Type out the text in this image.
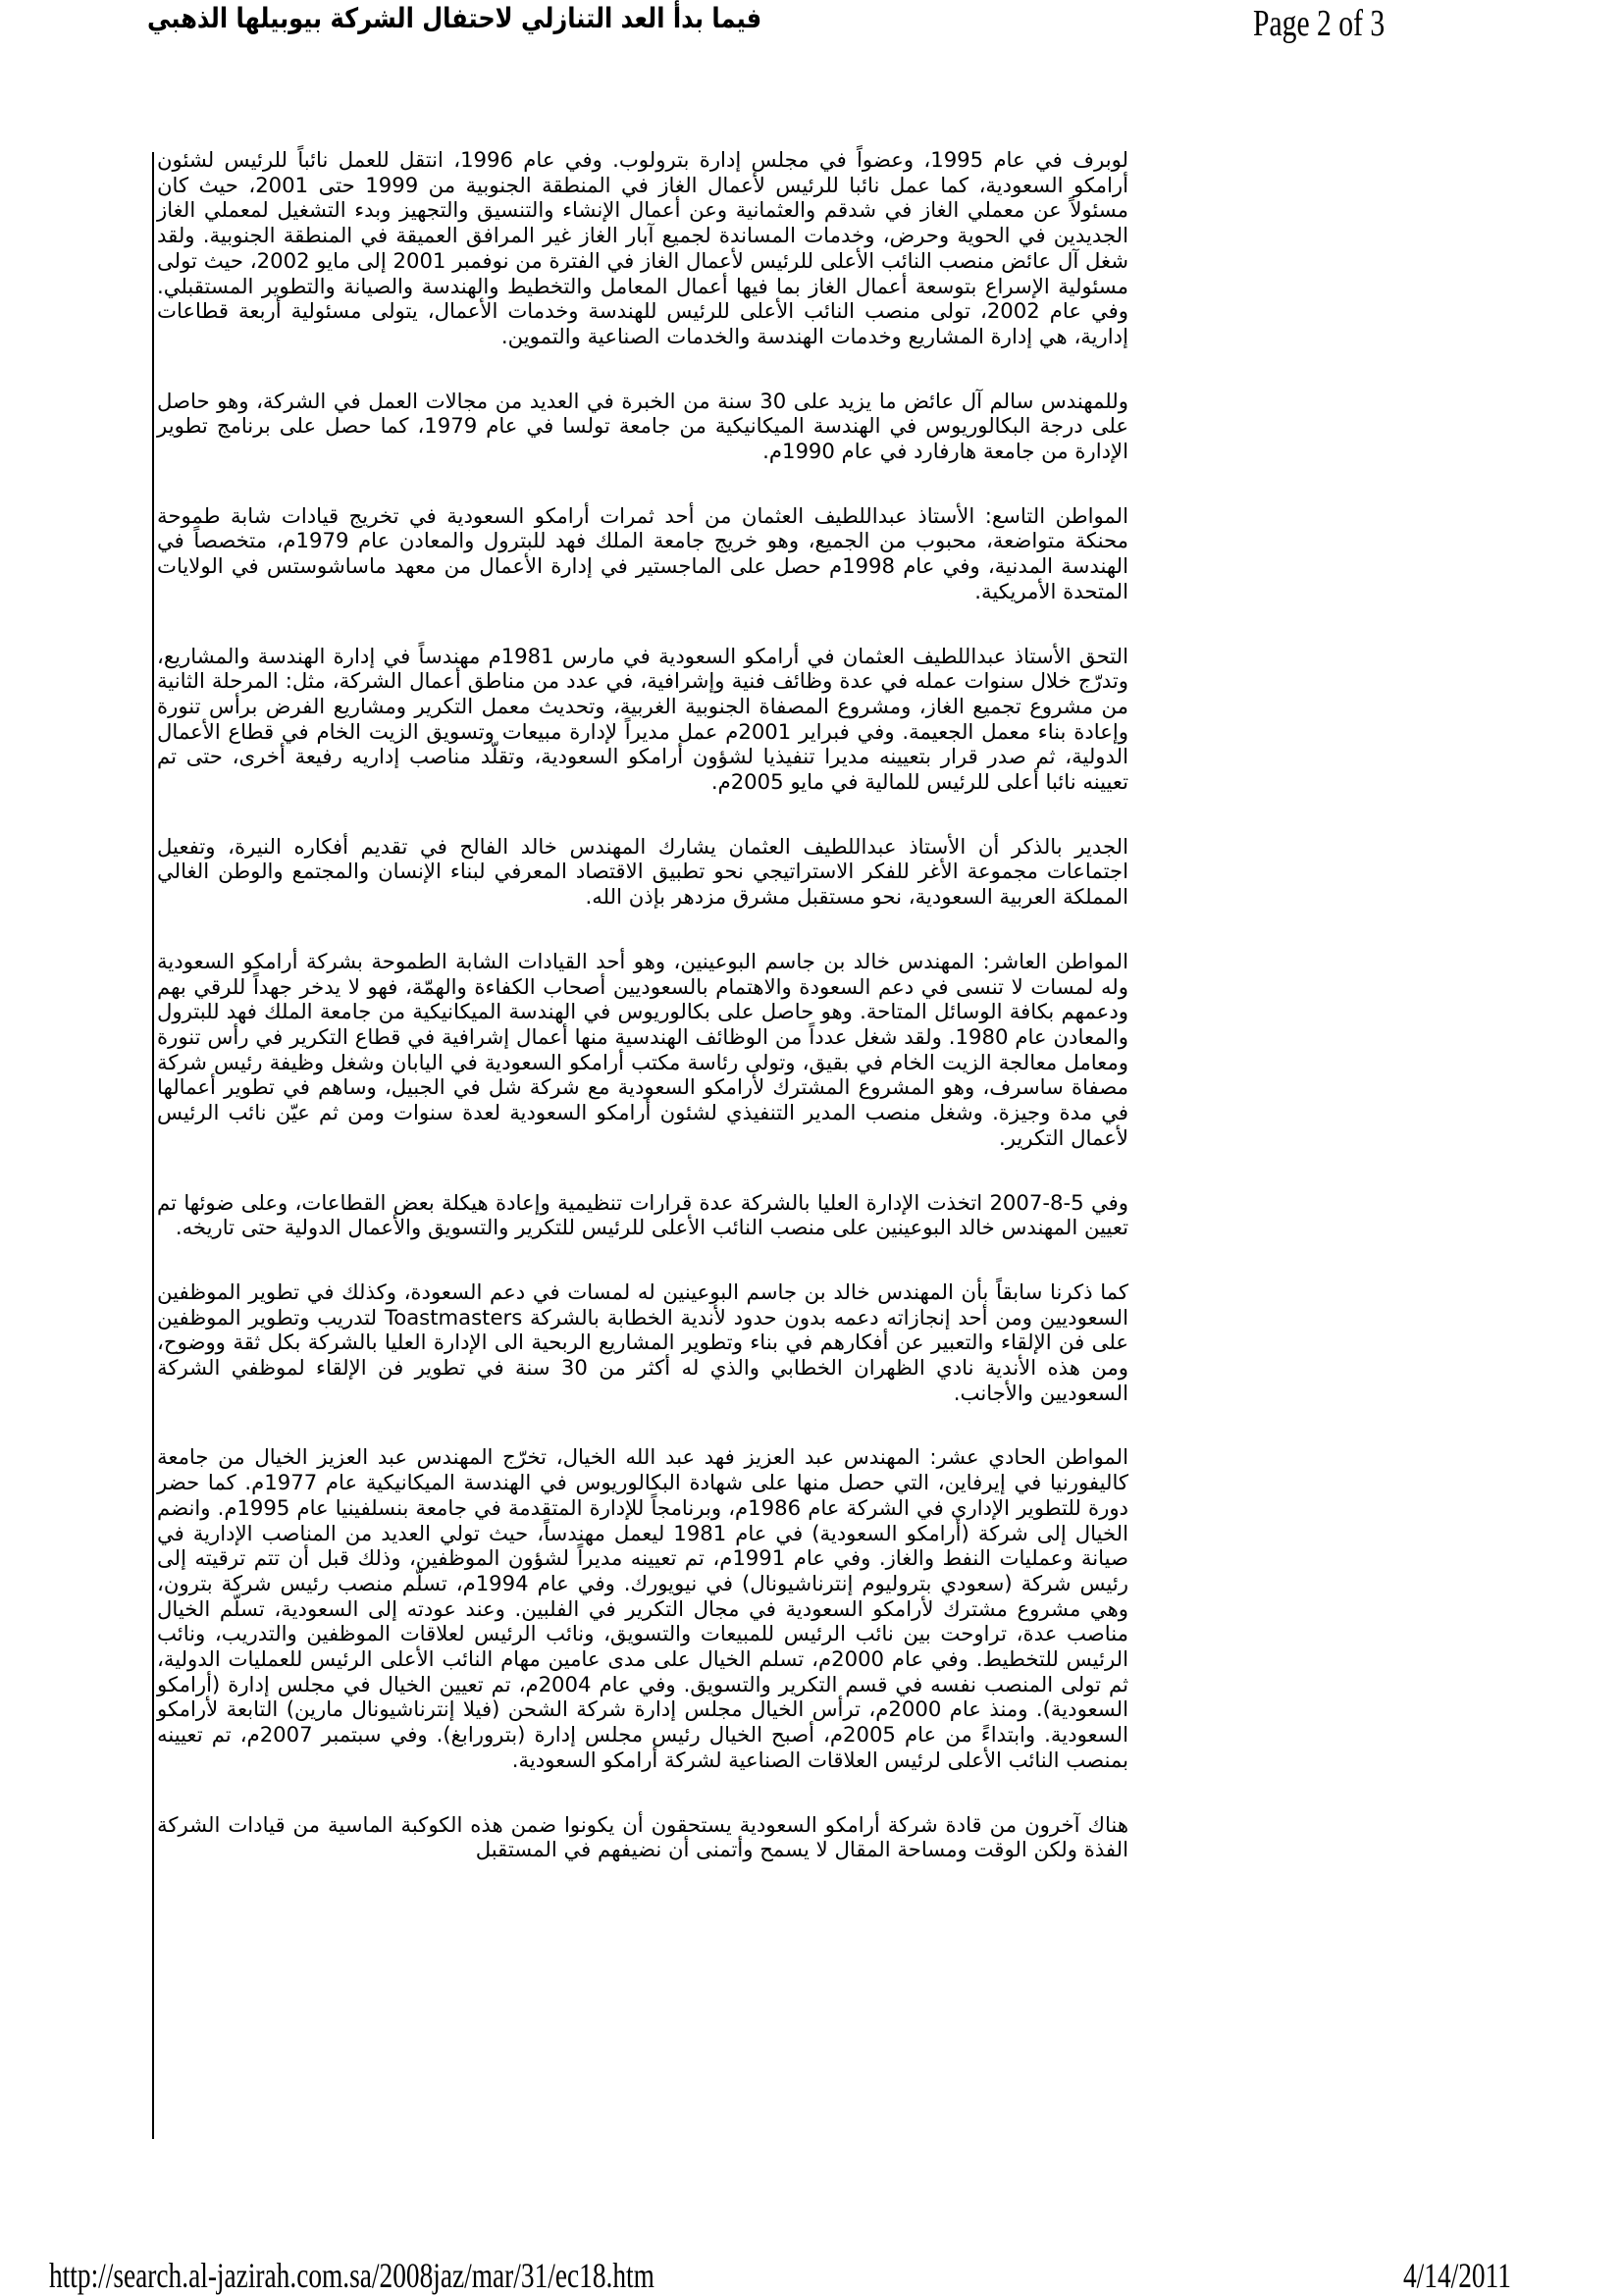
فيما بدأ العد التنازلي لاحتفال الشركة بيوبيلها الذهبي	Page 2 of 3

لوبرف في عام 1995، وعضواً في مجلس إدارة بترولوب. وفي عام 1996، انتقل للعمل نائباً للرئيس لشئون أرامكو السعودية، كما عمل نائبا للرئيس لأعمال الغاز في المنطقة الجنوبية من 1999 حتى 2001، حيث كان مسئولاً عن معملي الغاز في شدقم والعثمانية وعن أعمال الإنشاء والتنسيق والتجهيز وبدء التشغيل لمعملي الغاز الجديدين في الحوية وحرض، وخدمات المساندة لجميع آبار الغاز غير المرافق العميقة في المنطقة الجنوبية. ولقد شغل آل عائض منصب النائب الأعلى للرئيس لأعمال الغاز في الفترة من نوفمبر 2001 إلى مايو 2002، حيث تولى مسئولية الإسراع بتوسعة أعمال الغاز بما فيها أعمال المعامل والتخطيط والهندسة والصيانة والتطوير المستقبلي. وفي عام 2002، تولى منصب النائب الأعلى للرئيس للهندسة وخدمات الأعمال، يتولى مسئولية أربعة قطاعات إدارية، هي إدارة المشاريع وخدمات الهندسة والخدمات الصناعية والتموين.

وللمهندس سالم آل عائض ما يزيد على 30 سنة من الخبرة في العديد من مجالات العمل في الشركة، وهو حاصل على درجة البكالوريوس في الهندسة الميكانيكية من جامعة تولسا في عام 1979، كما حصل على برنامج تطوير الإدارة من جامعة هارفارد في عام 1990م.

المواطن التاسع: الأستاذ عبداللطيف العثمان من أحد ثمرات أرامكو السعودية في تخريج قيادات شابة طموحة محنكة متواضعة، محبوب من الجميع، وهو خريج جامعة الملك فهد للبترول والمعادن عام 1979م، متخصصاً في الهندسة المدنية، وفي عام 1998م حصل على الماجستير في إدارة الأعمال من معهد ماساشوستس في الولايات المتحدة الأمريكية.

التحق الأستاذ عبداللطيف العثمان في أرامكو السعودية في مارس 1981م مهندساً في إدارة الهندسة والمشاريع، وتدرّج خلال سنوات عمله في عدة وظائف فنية وإشرافية، في عدد من مناطق أعمال الشركة، مثل: المرحلة الثانية من مشروع تجميع الغاز، ومشروع المصفاة الجنوبية الغربية، وتحديث معمل التكرير ومشاريع الفرض برأس تنورة وإعادة بناء معمل الجعيمة. وفي فبراير 2001م عمل مديراً لإدارة مبيعات وتسويق الزيت الخام في قطاع الأعمال الدولية، ثم صدر قرار بتعيينه مديرا تنفيذيا لشؤون أرامكو السعودية، وتقلّد مناصب إداريه رفيعة أخرى، حتى تم تعيينه نائبا أعلى للرئيس للمالية في مايو 2005م.

الجدير بالذكر أن الأستاذ عبداللطيف العثمان يشارك المهندس خالد الفالح في تقديم أفكاره النيرة، وتفعيل اجتماعات مجموعة الأغر للفكر الاستراتيجي نحو تطبيق الاقتصاد المعرفي لبناء الإنسان والمجتمع والوطن الغالي المملكة العربية السعودية، نحو مستقبل مشرق مزدهر بإذن الله.

المواطن العاشر: المهندس خالد بن جاسم البوعينين، وهو أحد القيادات الشابة الطموحة بشركة أرامكو السعودية وله لمسات لا تنسى في دعم السعودة والاهتمام بالسعوديين أصحاب الكفاءة والهمّة، فهو لا يدخر جهداً للرقي بهم ودعمهم بكافة الوسائل المتاحة. وهو حاصل على بكالوريوس في الهندسة الميكانيكية من جامعة الملك فهد للبترول والمعادن عام 1980. ولقد شغل عدداً من الوظائف الهندسية منها أعمال إشرافية في قطاع التكرير في رأس تنورة ومعامل معالجة الزيت الخام في بقيق، وتولى رئاسة مكتب أرامكو السعودية في اليابان وشغل وظيفة رئيس شركة مصفاة ساسرف، وهو المشروع المشترك لأرامكو السعودية مع شركة شل في الجبيل، وساهم في تطوير أعمالها في مدة وجيزة. وشغل منصب المدير التنفيذي لشئون أرامكو السعودية لعدة سنوات ومن ثم عيّن نائب الرئيس لأعمال التكرير.

وفي 5-8-2007 اتخذت الإدارة العليا بالشركة عدة قرارات تنظيمية وإعادة هيكلة بعض القطاعات، وعلى ضوئها تم تعيين المهندس خالد البوعينين على منصب النائب الأعلى للرئيس للتكرير والتسويق والأعمال الدولية حتى تاريخه.

كما ذكرنا سابقاً بأن المهندس خالد بن جاسم البوعينين له لمسات في دعم السعودة، وكذلك في تطوير الموظفين السعوديين ومن أحد إنجازاته دعمه بدون حدود لأندية الخطابة بالشركة Toastmasters لتدريب وتطوير الموظفين على فن الإلقاء والتعبير عن أفكارهم في بناء وتطوير المشاريع الربحية الى الإدارة العليا بالشركة بكل ثقة ووضوح، ومن هذه الأندية نادي الظهران الخطابي والذي له أكثر من 30 سنة في تطوير فن الإلقاء لموظفي الشركة السعوديين والأجانب.

المواطن الحادي عشر: المهندس عبد العزيز فهد عبد الله الخيال، تخرّج المهندس عبد العزيز الخيال من جامعة كاليفورنيا في إيرفاين، التي حصل منها على شهادة البكالوريوس في الهندسة الميكانيكية عام 1977م. كما حضر دورة للتطوير الإداري في الشركة عام 1986م، وبرنامجاً للإدارة المتقدمة في جامعة بنسلفينيا عام 1995م. وانضم الخيال إلى شركة (أرامكو السعودية) في عام 1981 ليعمل مهندساً، حيث تولي العديد من المناصب الإدارية في صيانة وعمليات النفط والغاز. وفي عام 1991م، تم تعيينه مديراً لشؤون الموظفين، وذلك قبل أن تتم ترقيته إلى رئيس شركة (سعودي بتروليوم إنترناشيونال) في نيويورك. وفي عام 1994م، تسلّم منصب رئيس شركة بترون، وهي مشروع مشترك لأرامكو السعودية في مجال التكرير في الفلبين. وعند عودته إلى السعودية، تسلّم الخيال مناصب عدة، تراوحت بين نائب الرئيس للمبيعات والتسويق، ونائب الرئيس لعلاقات الموظفين والتدريب، ونائب الرئيس للتخطيط. وفي عام 2000م، تسلم الخيال على مدى عامين مهام النائب الأعلى الرئيس للعمليات الدولية، ثم تولى المنصب نفسه في قسم التكرير والتسويق. وفي عام 2004م، تم تعيين الخيال في مجلس إدارة (أرامكو السعودية). ومنذ عام 2000م، ترأس الخيال مجلس إدارة شركة الشحن (فيلا إنترناشيونال مارين) التابعة لأرامكو السعودية. وابتداءً من عام 2005م، أصبح الخيال رئيس مجلس إدارة (بترورابغ). وفي سبتمبر 2007م، تم تعيينه بمنصب النائب الأعلى لرئيس العلاقات الصناعية لشركة أرامكو السعودية.

هناك آخرون من قادة شركة أرامكو السعودية يستحقون أن يكونوا ضمن هذه الكوكبة الماسية من قيادات الشركة الفذة ولكن الوقت ومساحة المقال لا يسمح وأتمنى أن نضيفهم في المستقبل

http://search.al-jazirah.com.sa/2008jaz/mar/31/ec18.htm	4/14/2011
